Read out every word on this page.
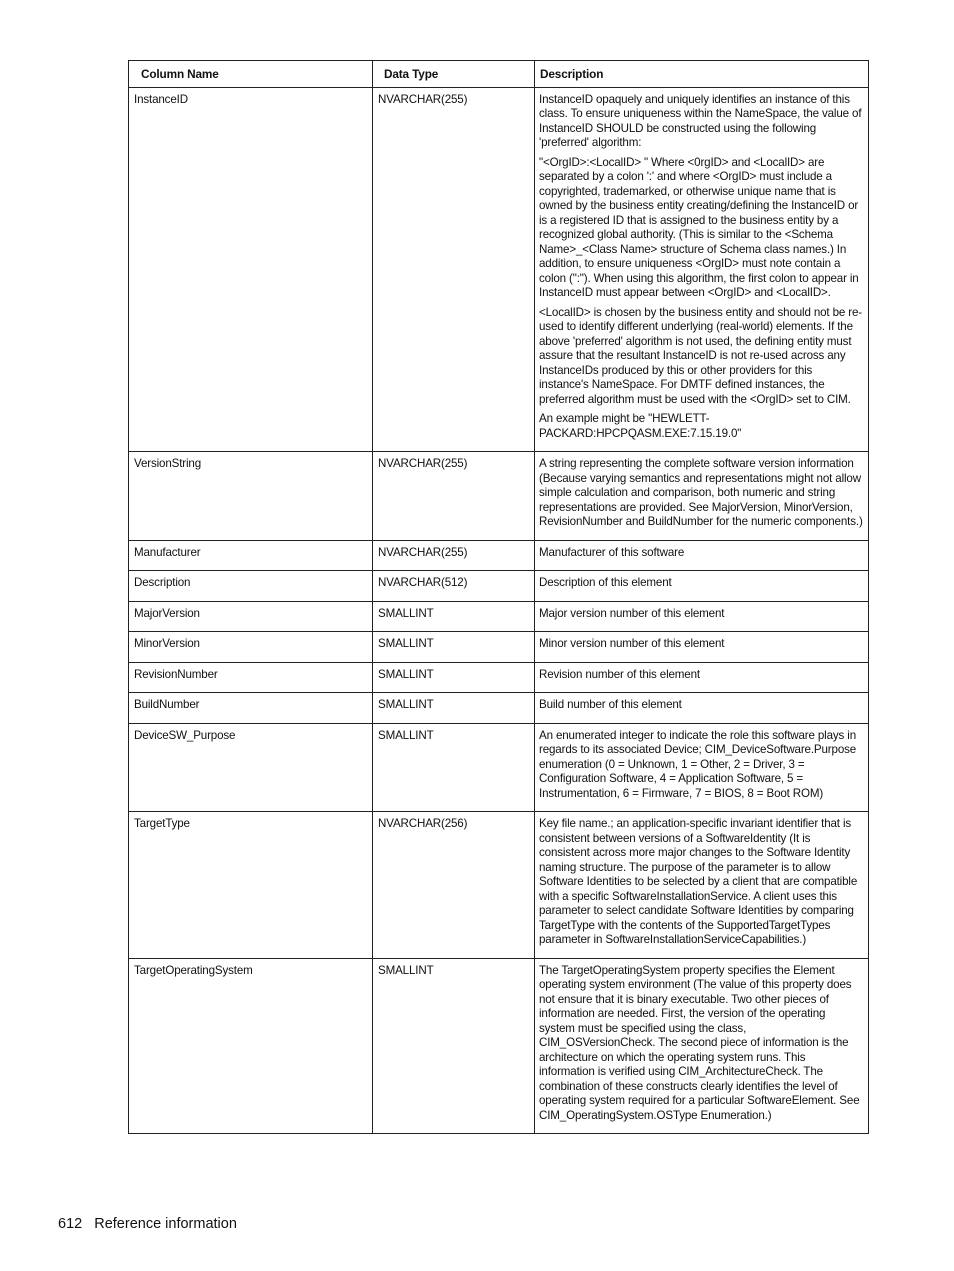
Column Name	Data Type	Description
InstanceID	NVARCHAR(255)	InstanceID opaquely and uniquely identifies an instance of this class. To ensure uniqueness within the NameSpace, the value of InstanceID SHOULD be constructed using the following 'preferred' algorithm:

"<OrgID>:<LocalID> " Where <0rgID> and <LocalID> are separated by a colon ':' and where <OrgID> must include a copyrighted, trademarked, or otherwise unique name that is owned by the business entity creating/defining the InstanceID or is a registered ID that is assigned to the business entity by a recognized global authority. (This is similar to the <Schema Name>_<Class Name> structure of Schema class names.) In addition, to ensure uniqueness <OrgID> must note contain a colon (":"). When using this algorithm, the first colon to appear in InstanceID must appear between <OrgID> and <LocalID>.

<LocalID> is chosen by the business entity and should not be re-used to identify different underlying (real-world) elements. If the above 'preferred' algorithm is not used, the defining entity must assure that the resultant InstanceID is not re-used across any InstanceIDs produced by this or other providers for this instance's NameSpace. For DMTF defined instances, the preferred algorithm must be used with the <OrgID> set to CIM.

An example might be "HEWLETT-PACKARD:HPCPQASM.EXE:7.15.19.0"

VersionString	NVARCHAR(255)	A string representing the complete software version information (Because varying semantics and representations might not allow simple calculation and comparison, both numeric and string representations are provided. See MajorVersion, MinorVersion, RevisionNumber and BuildNumber for the numeric components.)

Manufacturer	NVARCHAR(255)	Manufacturer of this software

Description	NVARCHAR(512)	Description of this element

MajorVersion	SMALLINT	Major version number of this element

MinorVersion	SMALLINT	Minor version number of this element

RevisionNumber	SMALLINT	Revision number of this element

BuildNumber	SMALLINT	Build number of this element

DeviceSW_Purpose	SMALLINT	An enumerated integer to indicate the role this software plays in regards to its associated Device; CIM_DeviceSoftware.Purpose enumeration (0 = Unknown, 1 = Other, 2 = Driver, 3 = Configuration Software, 4 = Application Software, 5 = Instrumentation, 6 = Firmware, 7 = BIOS, 8 = Boot ROM)

TargetType	NVARCHAR(256)	Key file name.; an application-specific invariant identifier that is consistent between versions of a SoftwareIdentity (It is consistent across more major changes to the Software Identity naming structure. The purpose of the parameter is to allow Software Identities to be selected by a client that are compatible with a specific SoftwareInstallationService. A client uses this parameter to select candidate Software Identities by comparing TargetType with the contents of the SupportedTargetTypes parameter in SoftwareInstallationServiceCapabilities.)

TargetOperatingSystem	SMALLINT	The TargetOperatingSystem property specifies the Element operating system environment (The value of this property does not ensure that it is binary executable. Two other pieces of information are needed. First, the version of the operating system must be specified using the class, CIM_OSVersionCheck. The second piece of information is the architecture on which the operating system runs. This information is verified using CIM_ArchitectureCheck. The combination of these constructs clearly identifies the level of operating system required for a particular SoftwareElement. See CIM_OperatingSystem.OSType Enumeration.)

612 Reference information
